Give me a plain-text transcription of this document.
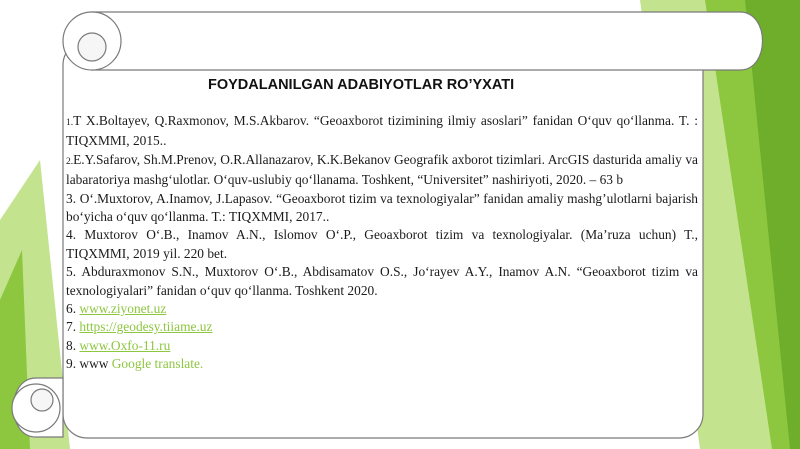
FOYDALANILGAN ADABIYOTLAR RO’YXATI
1.T X.Boltayev, Q.Raxmonov, M.S.Akbarov. “Geoaxborot tizimining ilmiy asoslari” fanidan O‘quv qo‘llanma. T. : TIQXMMI, 2015..
2.E.Y.Safarov, Sh.M.Prenov, O.R.Allanazarov, K.K.Bekanov Geografik axborot tizimlari. ArcGIS dasturida amaliy va labaratoriya mashg‘ulotlar. O‘quv-uslubiy qo‘llanama. Toshkent, “Universitet” nashiriyoti, 2020. – 63 b
3. O‘.Muxtorov, A.Inamov, J.Lapasov. “Geoaxborot tizim va texnologiyalar” fanidan amaliy mashg’ulotlarni bajarish bo‘yicha o‘quv qo‘llanma. T.: TIQXMMI, 2017..
4. Muxtorov O‘.B., Inamov A.N., Islomov O‘.P., Geoaxborot tizim va texnologiyalar. (Ma’ruza uchun) T., TIQXMMI, 2019 yil. 220 bet.
5. Abduraxmonov S.N., Muxtorov O‘.B., Abdisamatov O.S., Jo‘rayev A.Y., Inamov A.N. “Geoaxborot tizim va texnologiyalari” fanidan o‘quv qo‘llanma. Toshkent 2020.
6. www.ziyonet.uz
7. https://geodesy.tiiame.uz
8. www.Oxfo-11.ru
9. www Google translate.
